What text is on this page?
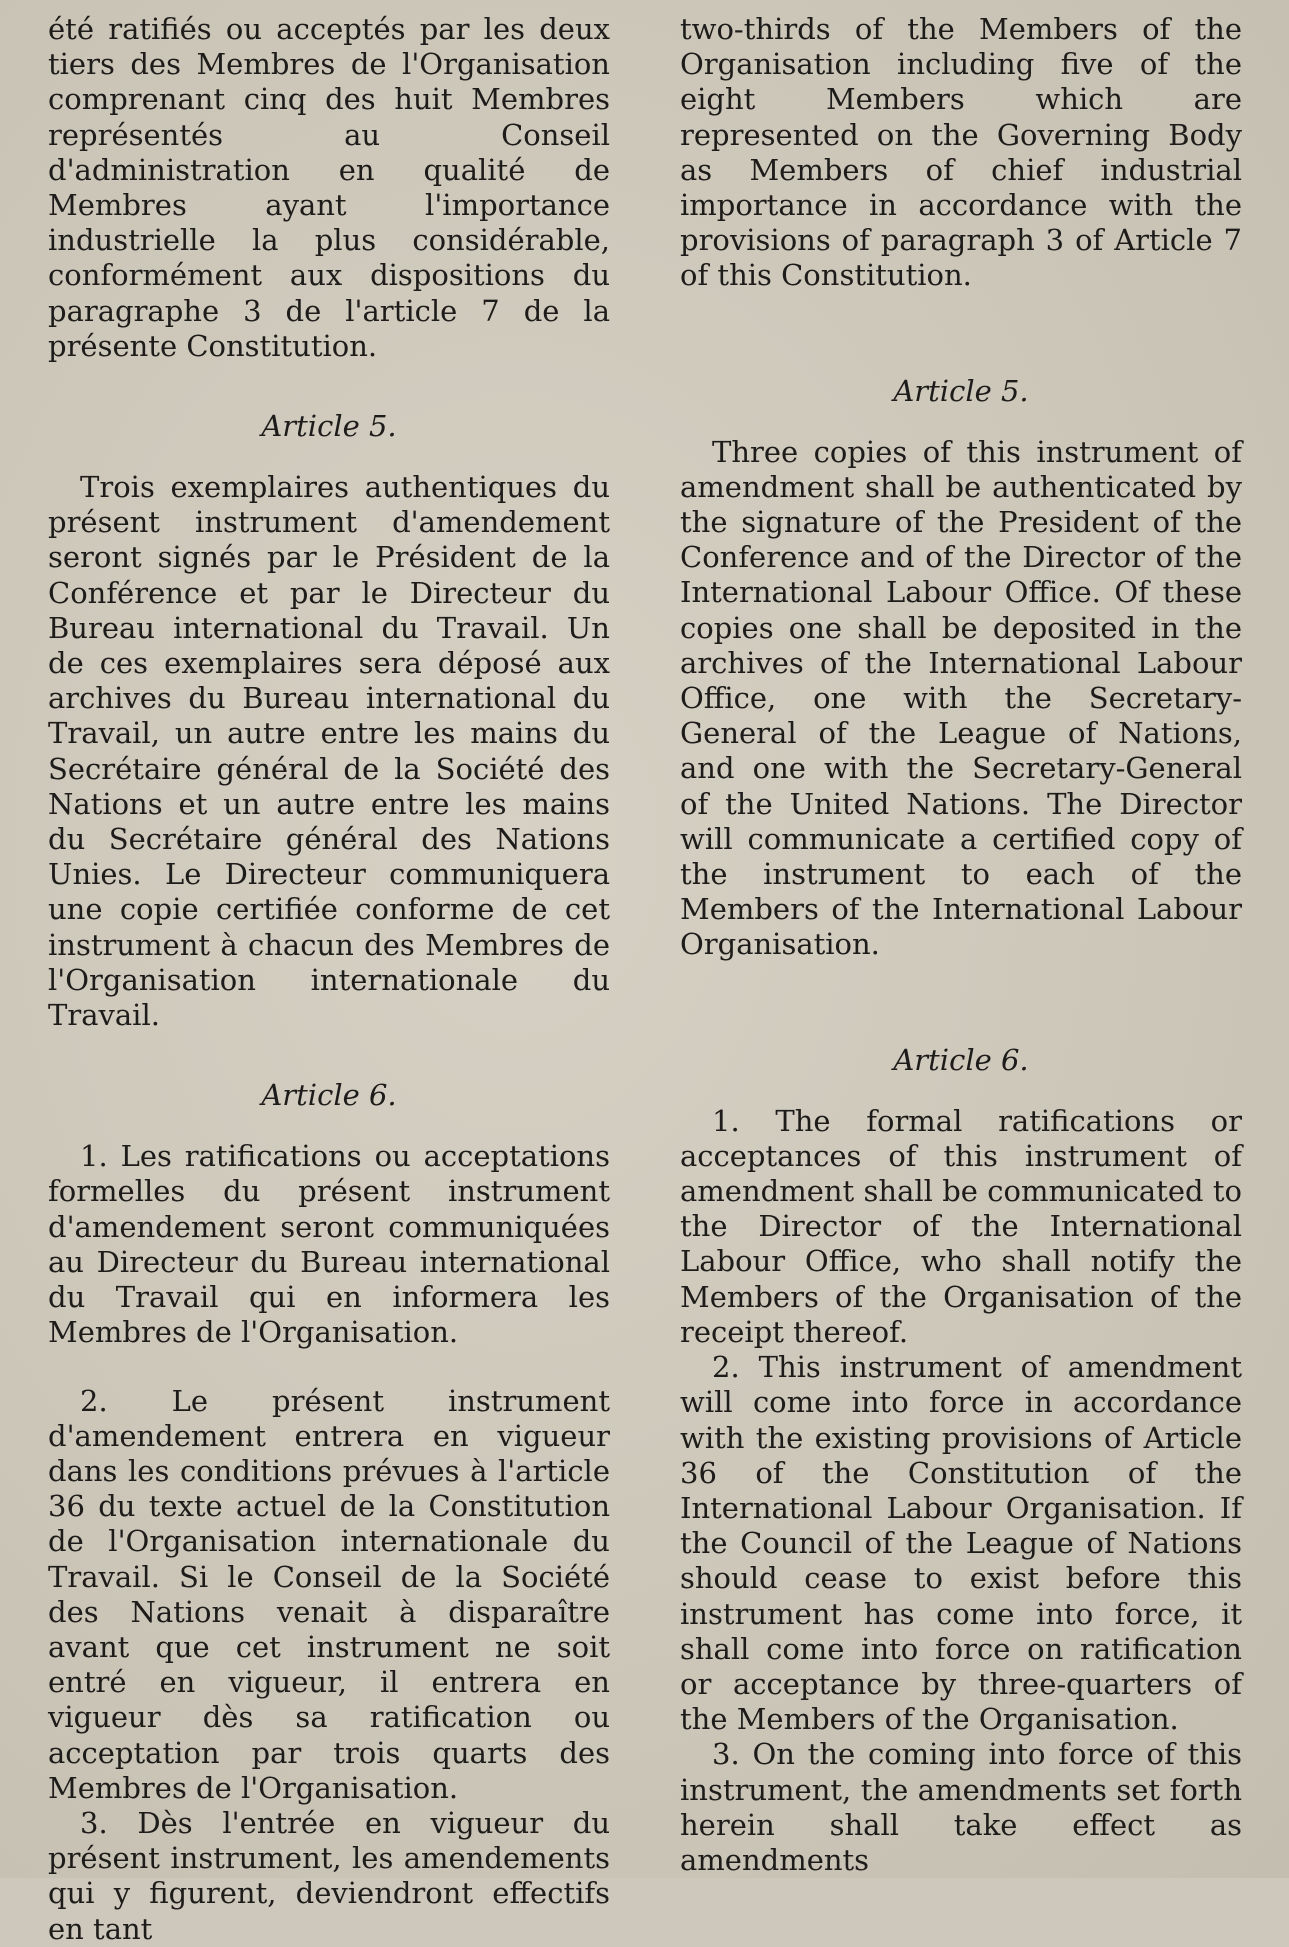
été ratifiés ou acceptés par les deux tiers des Membres de l'Organisation comprenant cinq des huit Membres représentés au Conseil d'administration en qualité de Membres ayant l'importance industrielle la plus considérable, conformément aux dispositions du paragraphe 3 de l'article 7 de la présente Constitution.

Article 5.

Trois exemplaires authentiques du présent instrument d'amendement seront signés par le Président de la Conférence et par le Directeur du Bureau international du Travail. Un de ces exemplaires sera déposé aux archives du Bureau international du Travail, un autre entre les mains du Secrétaire général de la Société des Nations et un autre entre les mains du Secrétaire général des Nations Unies. Le Directeur communiquera une copie certifiée conforme de cet instrument à chacun des Membres de l'Organisation internationale du Travail.

Article 6.

1. Les ratifications ou acceptations formelles du présent instrument d'amendement seront communiquées au Directeur du Bureau international du Travail qui en informera les Membres de l'Organisation.

2. Le présent instrument d'amendement entrera en vigueur dans les conditions prévues à l'article 36 du texte actuel de la Constitution de l'Organisation internationale du Travail. Si le Conseil de la Société des Nations venait à disparaître avant que cet instrument ne soit entré en vigueur, il entrera en vigueur dès sa ratification ou acceptation par trois quarts des Membres de l'Organisation.

3. Dès l'entrée en vigueur du présent instrument, les amendements qui y figurent, deviendront effectifs en tant

two-thirds of the Members of the Organisation including five of the eight Members which are represented on the Governing Body as Members of chief industrial importance in accordance with the provisions of paragraph 3 of Article 7 of this Constitution.

Article 5.

Three copies of this instrument of amendment shall be authenticated by the signature of the President of the Conference and of the Director of the International Labour Office. Of these copies one shall be deposited in the archives of the International Labour Office, one with the Secretary-General of the League of Nations, and one with the Secretary-General of the United Nations. The Director will communicate a certified copy of the instrument to each of the Members of the International Labour Organisation.

Article 6.

1. The formal ratifications or acceptances of this instrument of amendment shall be communicated to the Director of the International Labour Office, who shall notify the Members of the Organisation of the receipt thereof.

2. This instrument of amendment will come into force in accordance with the existing provisions of Article 36 of the Constitution of the International Labour Organisation. If the Council of the League of Nations should cease to exist before this instrument has come into force, it shall come into force on ratification or acceptance by three-quarters of the Members of the Organisation.

3. On the coming into force of this instrument, the amendments set forth herein shall take effect as amendments
